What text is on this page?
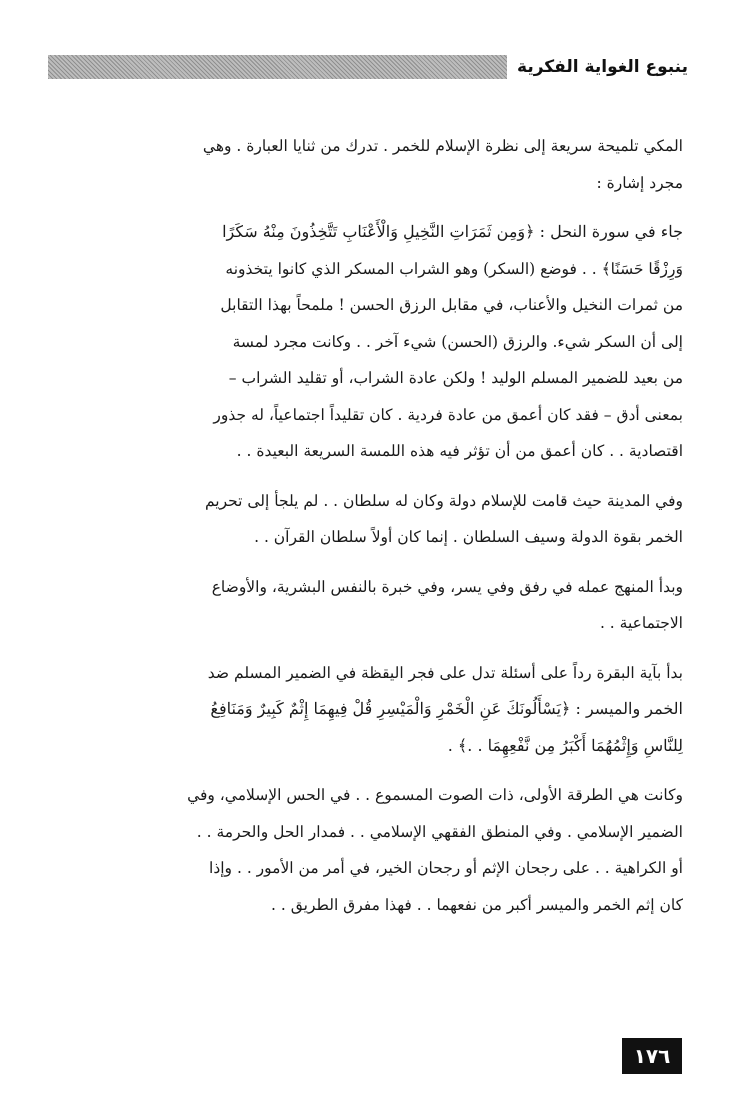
ينبوع الغواية الفكرية
المكي تلميحة سريعة إلى نظرة الإسلام للخمر . تدرك من ثنايا العبارة . وهي
مجرد إشارة :
جاء في سورة النحل : ﴿وَمِن ثَمَرَاتِ النَّخِيلِ وَالْأَعْنَابِ تَتَّخِذُونَ مِنْهُ سَكَرًا
وَرِزْقًا حَسَنًا﴾ . . فوضع (السكر) وهو الشراب المسكر الذي كانوا يتخذونه
من ثمرات النخيل والأعناب، في مقابل الرزق الحسن ! ملمحاً بهذا التقابل
إلى أن السكر شيء. والرزق (الحسن) شيء آخر . . وكانت مجرد لمسة
من بعيد للضمير المسلم الوليد ! ولكن عادة الشراب، أو تقليد الشراب –
بمعنى أدق – فقد كان أعمق من عادة فردية . كان تقليداً اجتماعياً، له جذور
اقتصادية . . كان أعمق من أن تؤثر فيه هذه اللمسة السريعة البعيدة . .
وفي المدينة حيث قامت للإسلام دولة وكان له سلطان . . لم يلجأ إلى تحريم
الخمر بقوة الدولة وسيف السلطان . إنما كان أولاً سلطان القرآن . .
وبدأ المنهج عمله في رفق وفي يسر، وفي خبرة بالنفس البشرية، والأوضاع
الاجتماعية . .
بدأ بآية البقرة رداً على أسئلة تدل على فجر اليقظة في الضمير المسلم ضد
الخمر والميسر : ﴿يَسْأَلُونَكَ عَنِ الْخَمْرِ وَالْمَيْسِرِ قُلْ فِيهِمَا إِثْمٌ كَبِيرٌ وَمَنَافِعُ
لِلنَّاسِ وَإِثْمُهُمَا أَكْبَرُ مِن نَّفْعِهِمَا . .﴾ .
وكانت هي الطرقة الأولى، ذات الصوت المسموع . . في الحس الإسلامي، وفي
الضمير الإسلامي . وفي المنطق الفقهي الإسلامي . . فمدار الحل والحرمة . .
أو الكراهية . . على رجحان الإثم أو رجحان الخير، في أمر من الأمور . . وإذا
كان إثم الخمر والميسر أكبر من نفعهما . . فهذا مفرق الطريق . .
١٧٦
